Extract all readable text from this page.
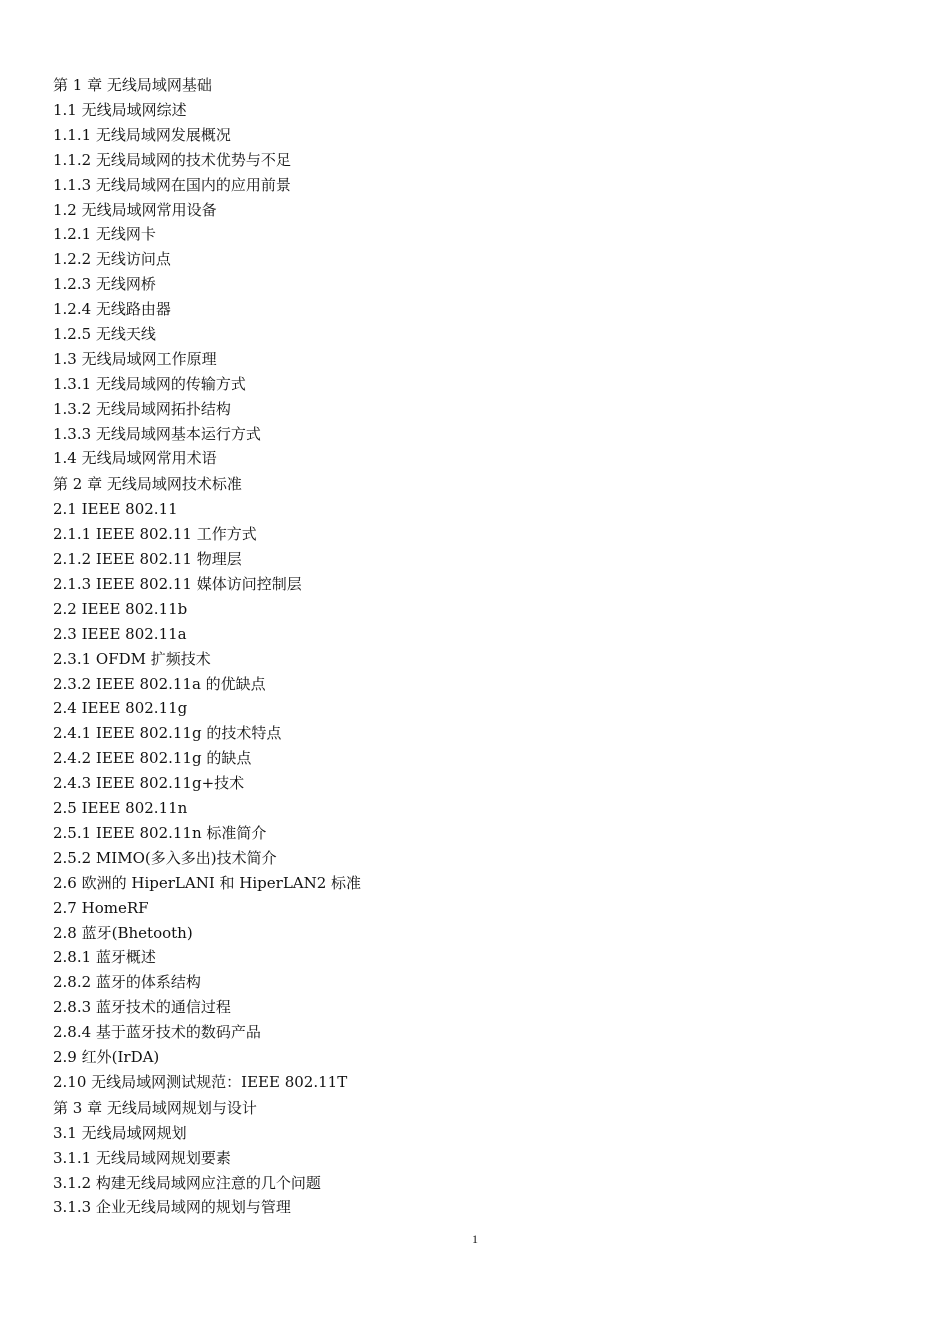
第 1 章 无线局域网基础
1.1 无线局域网综述
1.1.1 无线局域网发展概况
1.1.2 无线局域网的技术优势与不足
1.1.3 无线局域网在国内的应用前景
1.2 无线局域网常用设备
1.2.1 无线网卡
1.2.2 无线访问点
1.2.3 无线网桥
1.2.4 无线路由器
1.2.5 无线天线
1.3 无线局域网工作原理
1.3.1 无线局域网的传输方式
1.3.2 无线局域网拓扑结构
1.3.3 无线局域网基本运行方式
1.4 无线局域网常用术语
第 2 章 无线局域网技术标准
2.1 IEEE 802.11
2.1.1 IEEE 802.11 工作方式
2.1.2 IEEE 802.11 物理层
2.1.3 IEEE 802.11 媒体访问控制层
2.2 IEEE 802.11b
2.3 IEEE 802.11a
2.3.1 OFDM 扩频技术
2.3.2 IEEE 802.11a 的优缺点
2.4 IEEE 802.11g
2.4.1 IEEE 802.11g 的技术特点
2.4.2 IEEE 802.11g 的缺点
2.4.3 IEEE 802.11g+技术
2.5 IEEE 802.11n
2.5.1 IEEE 802.11n 标准简介
2.5.2 MIMO(多入多出)技术简介
2.6 欧洲的 HiperLANI 和 HiperLAN2 标准
2.7 HomeRF
2.8 蓝牙(Bhetooth)
2.8.1 蓝牙概述
2.8.2 蓝牙的体系结构
2.8.3 蓝牙技术的通信过程
2.8.4 基于蓝牙技术的数码产品
2.9 红外(IrDA)
2.10 无线局域网测试规范：IEEE 802.11T
第 3 章 无线局域网规划与设计
3.1 无线局域网规划
3.1.1 无线局域网规划要素
3.1.2 构建无线局域网应注意的几个问题
3.1.3 企业无线局域网的规划与管理
1
